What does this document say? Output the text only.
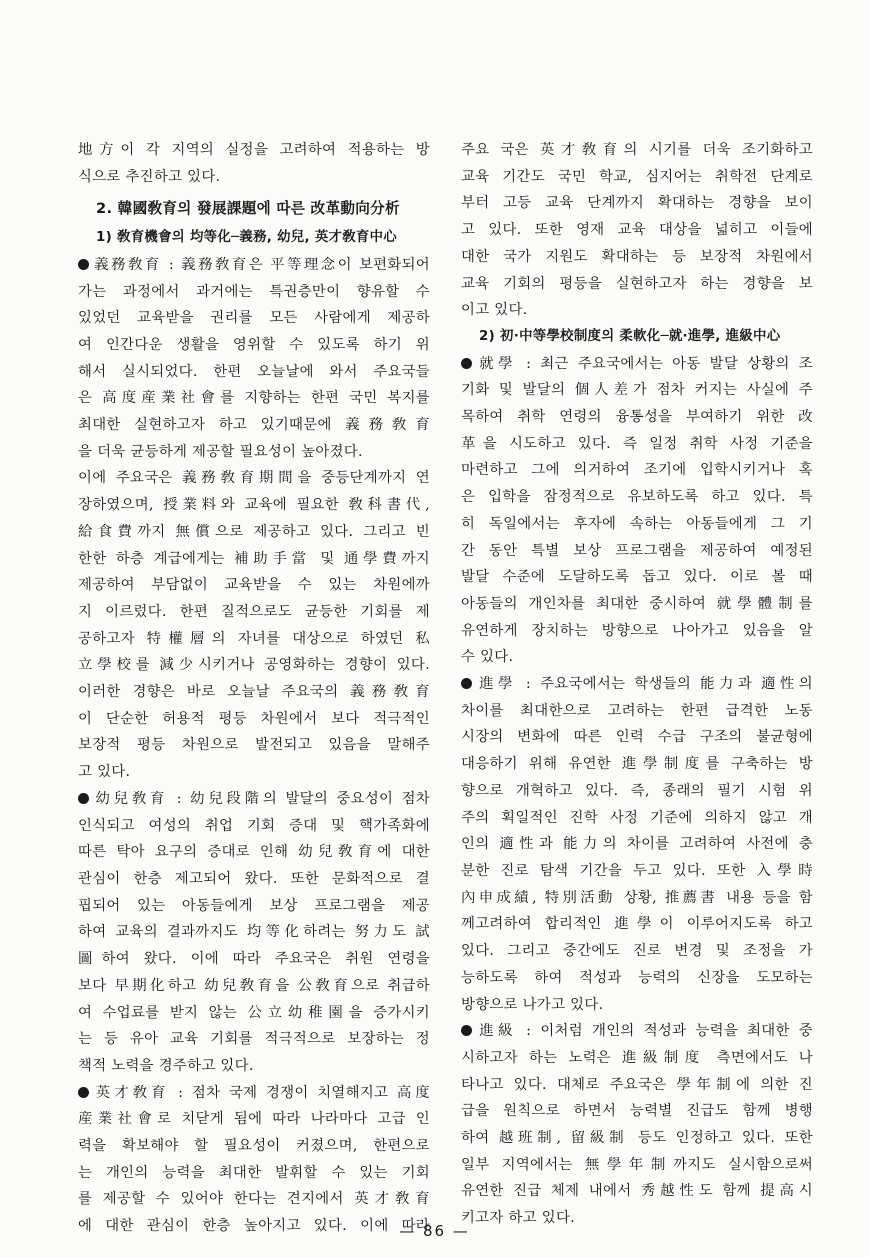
地方이 각 지역의 실정을 고려하여 적용하는 방
식으로 추진하고 있다.
2. 韓國敎育의 發展課題에 따른 改革動向分析
1) 敎育機會의 均等化─義務, 幼兒, 英才敎育中心
義務敎育 : 義務敎育은 平等理念이 보편화되어
가는 과정에서 과거에는 특권층만이 향유할 수
있었던 교육받을 권리를 모든 사람에게 제공하
여 인간다운 생활을 영위할 수 있도록 하기 위
해서 실시되었다. 한편 오늘날에 와서 주요국들
은 高度産業社會를 지향하는 한편 국민 복지를
최대한 실현하고자 하고 있기때문에 義務敎育
을 더욱 균등하게 제공할 필요성이 높아졌다.
이에 주요국은 義務敎育期間을 중등단계까지 연
장하였으며, 授業料와 교육에 필요한 敎科書代,
給食費까지 無償으로 제공하고 있다. 그리고 빈
한한 하층 계급에게는 補助手當 및 通學費까지
제공하여 부담없이 교육받을 수 있는 차원에까
지 이르렀다. 한편 질적으로도 균등한 기회를 제
공하고자 特權層의 자녀를 대상으로 하였던 私
立學校를 減少시키거나 공영화하는 경향이 있다.
이러한 경향은 바로 오늘날 주요국의 義務敎育
이 단순한 허용적 평등 차원에서 보다 적극적인
보장적 평등 차원으로 발전되고 있음을 말해주
고 있다.
幼兒敎育 : 幼兒段階의 발달의 중요성이 점차
인식되고 여성의 취업 기회 증대 및 핵가족화에
따른 탁아 요구의 증대로 인해 幼兒敎育에 대한
관심이 한층 제고되어 왔다. 또한 문화적으로 결
핍되어 있는 아동들에게 보상 프로그램을 제공
하여 교육의 결과까지도 均等化하려는 努力도 試
圖하여 왔다. 이에 따라 주요국은 취원 연령을
보다 早期化하고 幼兒敎育을 公敎育으로 취급하
여 수업료를 받지 않는 公立幼稚園을 증가시키
는 등 유아 교육 기회를 적극적으로 보장하는 정
책적 노력을 경주하고 있다.
英才敎育 : 점차 국제 경쟁이 치열해지고 高度
産業社會로 치닫게 됨에 따라 나라마다 고급 인
력을 확보해야 할 필요성이 커졌으며, 한편으로
는 개인의 능력을 최대한 발휘할 수 있는 기회
를 제공할 수 있어야 한다는 견지에서 英才敎育
에 대한 관심이 한층 높아지고 있다. 이에 따라
주요 국은 英才敎育의 시기를 더욱 조기화하고
교육 기간도 국민 학교, 심지어는 취학전 단계로
부터 고등 교육 단계까지 확대하는 경향을 보이
고 있다. 또한 영재 교육 대상을 넓히고 이들에
대한 국가 지원도 확대하는 등 보장적 차원에서
교육 기회의 평등을 실현하고자 하는 경향을 보
이고 있다.
2) 初·中等學校制度의 柔軟化─就·進學, 進級中心
就學 : 최근 주요국에서는 아동 발달 상황의 조
기화 및 발달의 個人差가 점차 커지는 사실에 주
목하여 취학 연령의 융통성을 부여하기 위한 改
革을 시도하고 있다. 즉 일정 취학 사정 기준을
마련하고 그에 의거하여 조기에 입학시키거나 혹
은 입학을 잠정적으로 유보하도록 하고 있다. 특
히 독일에서는 후자에 속하는 아동들에게 그 기
간 동안 특별 보상 프로그램을 제공하여 예정된
발달 수준에 도달하도록 돕고 있다. 이로 볼 때
아동들의 개인차를 최대한 중시하여 就學體制를
유연하게 장치하는 방향으로 나아가고 있음을 알
수 있다.
進學 : 주요국에서는 학생들의 能力과 適性의
차이를 최대한으로 고려하는 한편 급격한 노동
시장의 변화에 따른 인력 수급 구조의 불균형에
대응하기 위해 유연한 進學制度를 구축하는 방
향으로 개혁하고 있다. 즉, 종래의 필기 시험 위
주의 획일적인 진학 사정 기준에 의하지 않고 개
인의 適性과 能力의 차이를 고려하여 사전에 충
분한 진로 탐색 기간을 두고 있다. 또한 入學時
內申成績, 特別活動 상황, 推薦書 내용 등을 함
께고려하여 합리적인 進學이 이루어지도록 하고
있다. 그리고 중간에도 진로 변경 및 조정을 가
능하도록 하여 적성과 능력의 신장을 도모하는
방향으로 나가고 있다.
進級 : 이처럼 개인의 적성과 능력을 최대한 중
시하고자 하는 노력은 進級制度 측면에서도 나
타나고 있다. 대체로 주요국은 學年制에 의한 진
급을 원칙으로 하면서 능력별 진급도 함께 병행
하여 越班制, 留級制 등도 인정하고 있다. 또한
일부 지역에서는 無學年制까지도 실시함으로써
유연한 진급 체제 내에서 秀越性도 함께 提高시
키고자 하고 있다.
— 86 —
